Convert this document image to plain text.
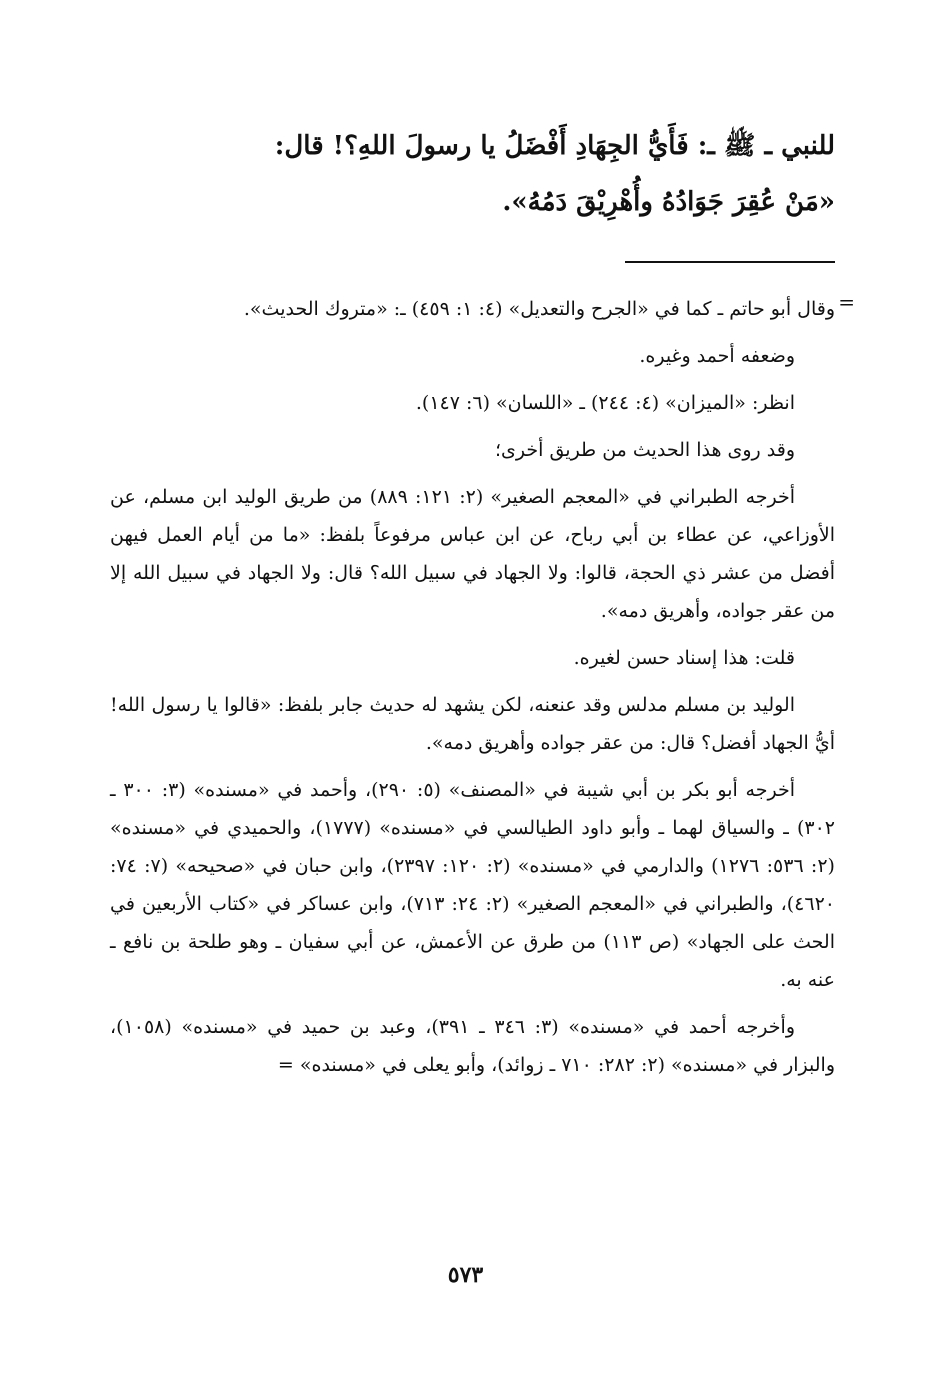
للنبي ـ ﷺ ـ: فَأَيُّ الجِهَادِ أَفْضَلُ يا رسولَ اللهِ؟! قال:
«مَنْ عُقِرَ جَوَادُهُ وأُهْرِيْقَ دَمُهُ».
=

وقال أبو حاتم ـ كما في «الجرح والتعديل» (٤: ١: ٤٥٩) ـ: «متروك الحديث».

وضعفه أحمد وغيره.

انظر: «الميزان» (٤: ٢٤٤) ـ «اللسان» (٦: ١٤٧).

وقد روى هذا الحديث من طريق أخرى؛

أخرجه الطبراني في «المعجم الصغير» (٢: ١٢١: ٨٨٩) من طريق الوليد ابن مسلم، عن الأوزاعي، عن عطاء بن أبي رباح، عن ابن عباس مرفوعاً بلفظ: «ما من أيام العمل فيهن أفضل من عشر ذي الحجة، قالوا: ولا الجهاد في سبيل الله؟ قال: ولا الجهاد في سبيل الله إلا من عقر جواده، وأهريق دمه».

قلت: هذا إسناد حسن لغيره.

الوليد بن مسلم مدلس وقد عنعنه، لكن يشهد له حديث جابر بلفظ: «قالوا يا رسول الله! أيُّ الجهاد أفضل؟ قال: من عقر جواده وأهريق دمه».

أخرجه أبو بكر بن أبي شيبة في «المصنف» (٥: ٢٩٠)، وأحمد في «مسنده» (٣: ٣٠٠ ـ ٣٠٢) ـ والسياق لهما ـ وأبو داود الطيالسي في «مسنده» (١٧٧٧)، والحميدي في «مسنده» (٢: ٥٣٦: ١٢٧٦) والدارمي في «مسنده» (٢: ١٢٠: ٢٣٩٧)، وابن حبان في «صحيحه» (٧: ٧٤: ٤٦٢٠)، والطبراني في «المعجم الصغير» (٢: ٢٤: ٧١٣)، وابن عساكر في «كتاب الأربعين في الحث على الجهاد» (ص ١١٣) من طرق عن الأعمش، عن أبي سفيان ـ وهو طلحة بن نافع ـ عنه به.

وأخرجه أحمد في «مسنده» (٣: ٣٤٦ ـ ٣٩١)، وعبد بن حميد في «مسنده» (١٠٥٨)، والبزار في «مسنده» (٢: ٢٨٢: ٧١٠ ـ زوائد)، وأبو يعلى في «مسنده» =

٥٧٣
